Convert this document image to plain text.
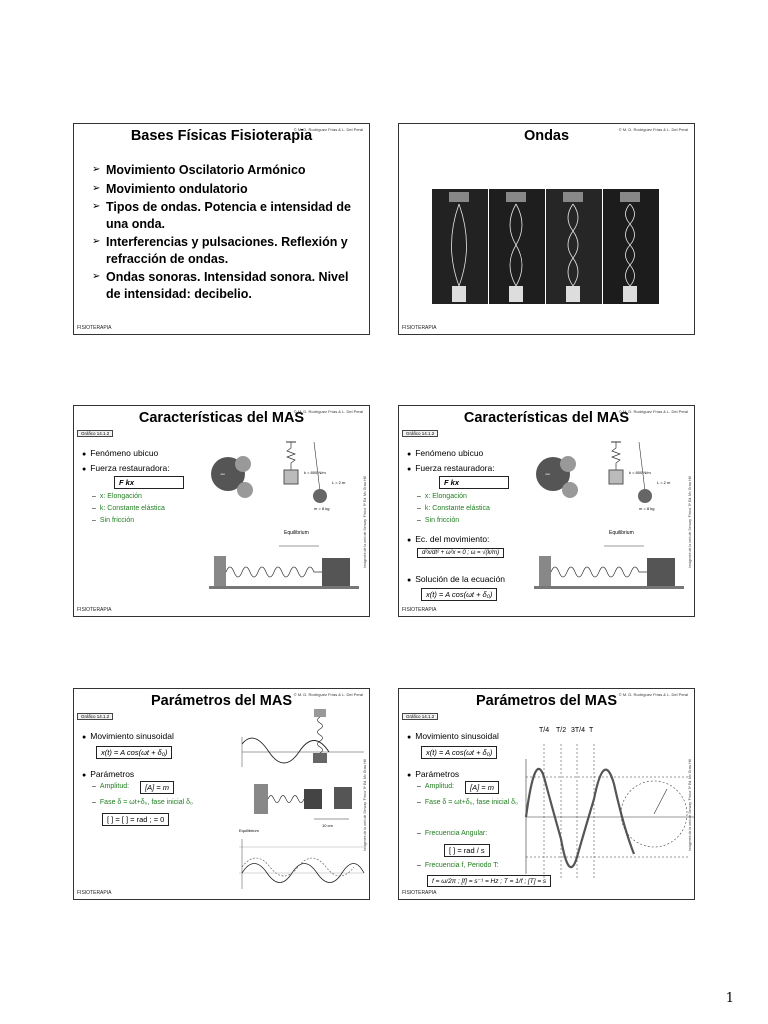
Bases Físicas Fisioterapia
© M. D. Rodríguez Frías & L. Del Peral
➢ Movimiento Oscilatorio Armónico
➢ Movimiento ondulatorio
➢ Tipos de ondas. Potencia e intensidad de una onda.
➢ Interferencias y pulsaciones. Reflexión y refracción de ondas.
➢ Ondas sonoras. Intensidad sonora. Nivel de intensidad: decibelio.
FISIOTERAPIA
Ondas	© M. D. Rodríguez Frías & L. Del Peral
FISIOTERAPIA
Características del MAS
© M. D. Rodríguez Frías & L. Del Peral
Gráfico 14.1.2
● Fenómeno ubicuo
● Fuerza restauradora:
F kx
– x: Elongación
– k: Constante elástica
– Sin fricción
−	k = 800 N/m
L = 2 m
m = 8 kg
Equilibrium	Imágenes de la web de Serway ‘Física’ 5ª Ed. Mc Graw Hill
FISIOTERAPIA
Características del MAS
© M. D. Rodríguez Frías & L. Del Peral
Gráfico 14.1.2
● Fenómeno ubicuo
● Fuerza restauradora:
F kx
– x: Elongación
– k: Constante elástica
– Sin fricción
● Ec. del movimiento:
d²x/dt² + ω²x = 0 ; ω = √(k/m)
● Solución de la ecuación
x(t) = A cos(ωt + δ₀)
−	k = 800 N/m
L = 2 m
m = 8 kg
Equilibrium	Imágenes de la web de Serway ‘Física’ 5ª Ed. Mc Graw Hill
FISIOTERAPIA
Parámetros del MAS © M. D. Rodríguez Frías & L. Del Peral
Gráfico 14.1.2
● Movimiento sinusoidal
x(t) = A cos(ωt + δ₀)
● Parámetros
– Amplitud:	[A] = m
– Fase δ = ωt+δ₀, fase inicial δ₀
[ ] = [ ] = rad ; = 0
Equilibrium
10 cm	Imágenes de la web de Serway ‘Física’ 5ª Ed. Mc Graw Hill
FISIOTERAPIA
Parámetros del MAS © M. D. Rodríguez Frías & L. Del Peral
Gráfico 14.1.2
● Movimiento sinusoidal
x(t) = A cos(ωt + δ₀)
● Parámetros
– Amplitud:	[A] = m
– Fase δ = ωt+δ₀, fase inicial δ₀
– Frecuencia Angular:
[ ] = rad / s
– Frecuencia f, Periodo T:
f = ω/2π ; [f] = s⁻¹ = Hz ; T = 1/f ; [T] = s
T/4 T/2 3T/4 T
Imágenes de la web de Serway ‘Física’ 5ª Ed. Mc Graw Hill
FISIOTERAPIA
1
